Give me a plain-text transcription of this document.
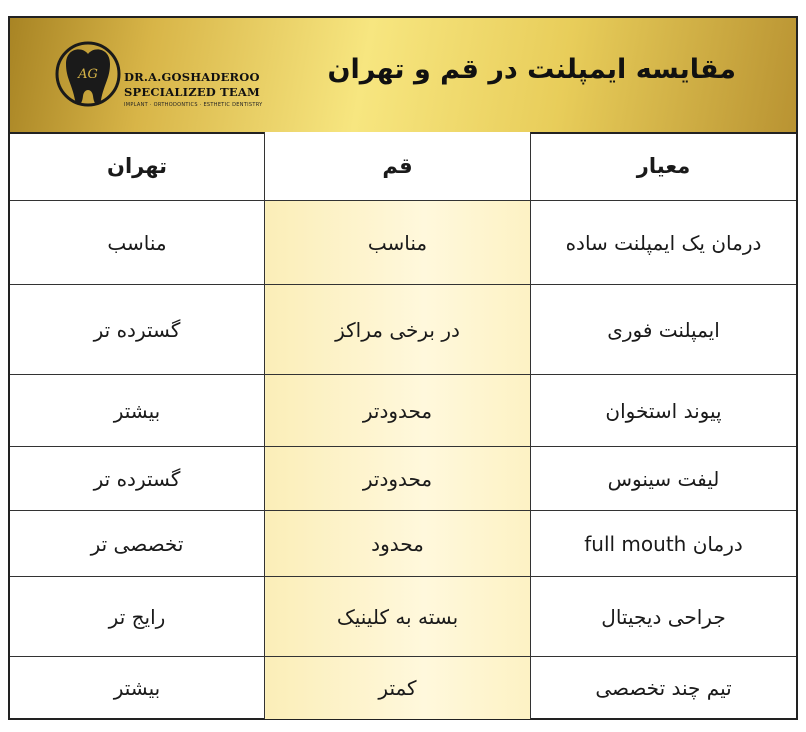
AG DR.A.GOSHADEROO
SPECIALIZED TEAM
IMPLANT · ORTHODONTICS · ESTHETIC DENTISTRY
مقایسه ایمپلنت در قم و تهران
معیار	قم	تهران
درمان یک ایمپلنت ساده	مناسب	مناسب
ایمپلنت فوری	در برخی مراکز	گسترده تر
پیوند استخوان	محدودتر	بیشتر
لیفت سینوس	محدودتر	گسترده تر
درمان full mouth	محدود	تخصصی تر
جراحی دیجیتال	بسته به کلینیک	رایج تر
تیم چند تخصصی	کمتر	بیشتر
